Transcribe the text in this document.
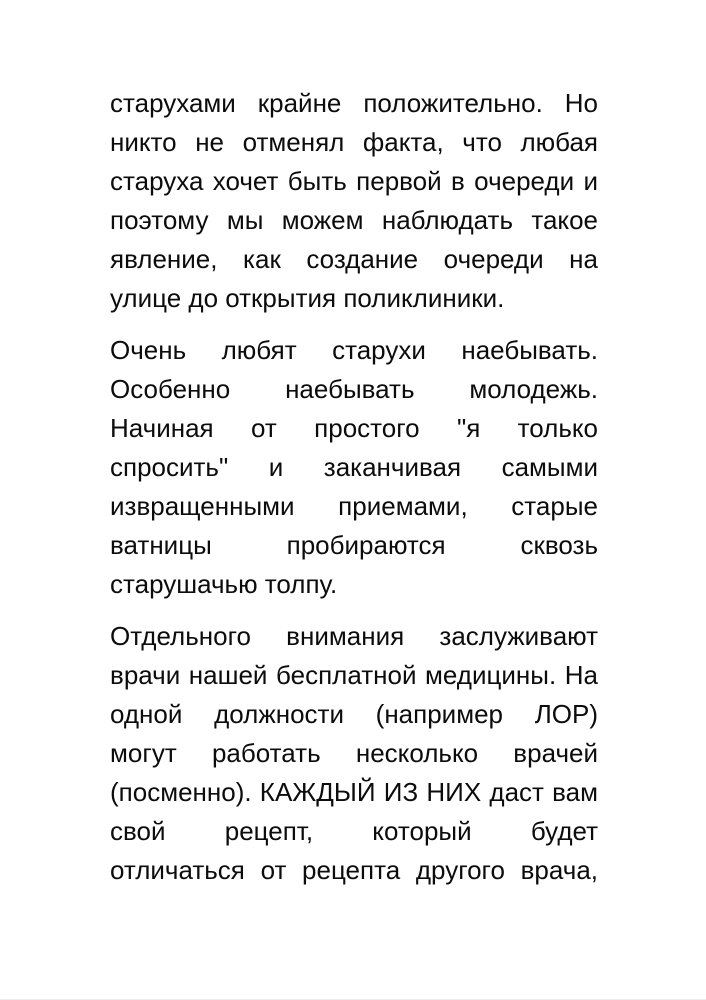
старухами крайне положительно. Но
никто не отменял факта, что любая
старуха хочет быть первой в очереди и
поэтому мы можем наблюдать такое
явление, как создание очереди на
улице до открытия поликлиники.
Очень любят старухи наебывать.
Особенно наебывать молодежь.
Начиная от простого "я только
спросить" и заканчивая самыми
извращенными приемами, старые
ватницы пробираются сквозь
старушачью толпу.
Отдельного внимания заслуживают
врачи нашей бесплатной медицины. На
одной должности (например ЛОР)
могут работать несколько врачей
(посменно). КАЖДЫЙ ИЗ НИХ даст вам
свой рецепт, который будет
отличаться от рецепта другого врача,
